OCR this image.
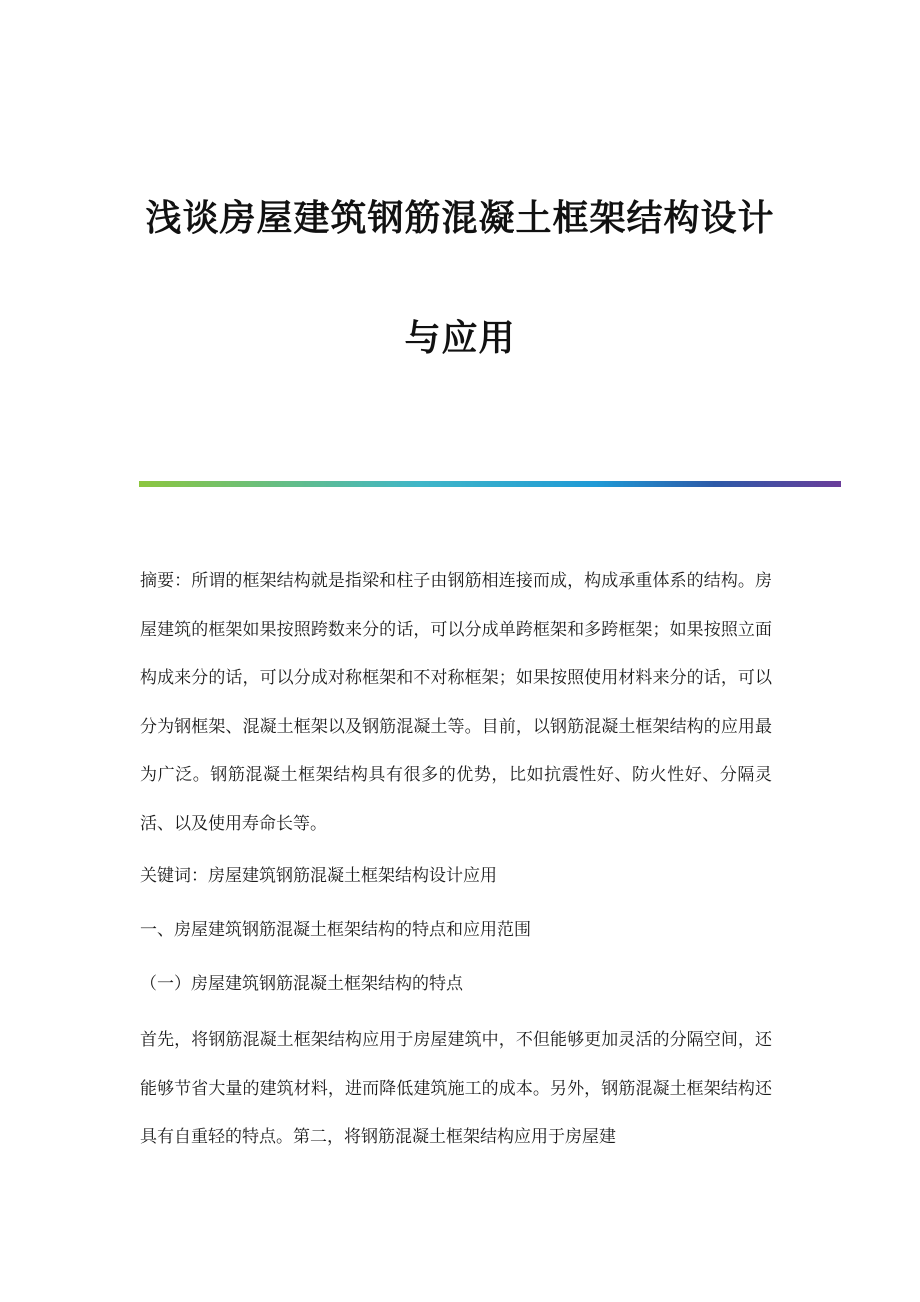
浅谈房屋建筑钢筋混凝土框架结构设计
与应用

摘要：所谓的框架结构就是指梁和柱子由钢筋相连接而成，构成承重体系的结构。房屋建筑的框架如果按照跨数来分的话，可以分成单跨框架和多跨框架；如果按照立面构成来分的话，可以分成对称框架和不对称框架；如果按照使用材料来分的话，可以分为钢框架、混凝土框架以及钢筋混凝土等。目前，以钢筋混凝土框架结构的应用最为广泛。钢筋混凝土框架结构具有很多的优势，比如抗震性好、防火性好、分隔灵活、以及使用寿命长等。

关键词：房屋建筑钢筋混凝土框架结构设计应用

一、房屋建筑钢筋混凝土框架结构的特点和应用范围

（一）房屋建筑钢筋混凝土框架结构的特点

首先，将钢筋混凝土框架结构应用于房屋建筑中，不但能够更加灵活的分隔空间，还能够节省大量的建筑材料，进而降低建筑施工的成本。另外，钢筋混凝土框架结构还具有自重轻的特点。第二，将钢筋混凝土框架结构应用于房屋建
